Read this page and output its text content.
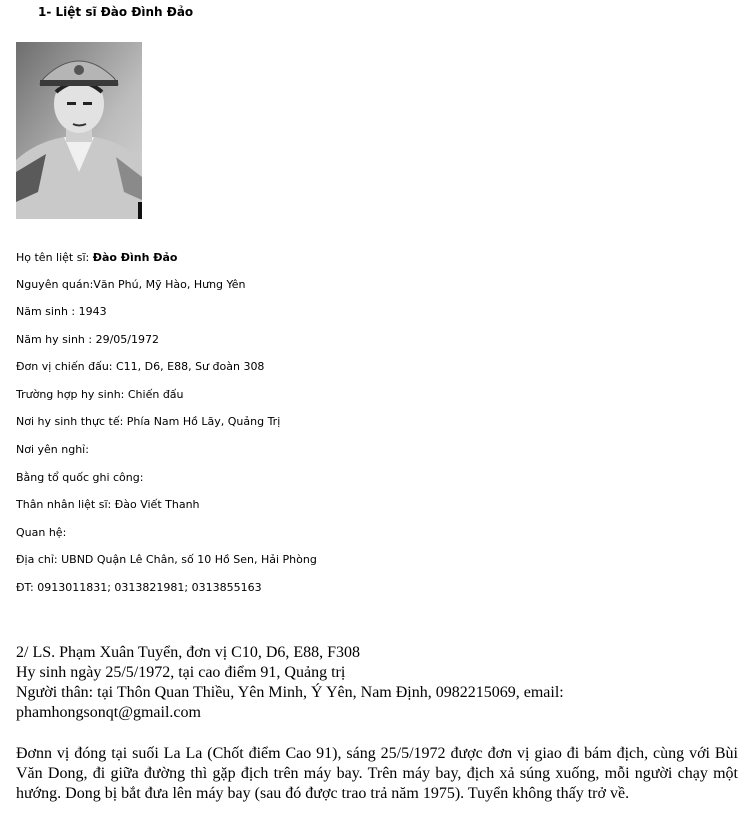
1- Liệt sĩ Đào Đình Đảo
Họ tên liệt sĩ: Đào Đình Đảo
Nguyên quán:Văn Phú, Mỹ Hào, Hưng Yên
Năm sinh : 1943
Năm hy sinh : 29/05/1972
Đơn vị chiến đấu: C11, D6, E88, Sư đoàn 308
Trường hợp hy sinh: Chiến đấu
Nơi hy sinh thực tế: Phía Nam Hồ Lãy, Quảng Trị
Nơi yên nghỉ:
Bằng tổ quốc ghi công:
Thân nhân liệt sĩ: Đào Viết Thanh
Quan hệ:
Địa chỉ: UBND Quận Lê Chân, số 10 Hồ Sen, Hải Phòng
ĐT: 0913011831; 0313821981; 0313855163
2/ LS. Phạm Xuân Tuyển, đơn vị C10, D6, E88, F308
Hy sinh ngày 25/5/1972, tại cao điểm 91, Quảng trị
Người thân: tại Thôn Quan Thiều, Yên Minh, Ý Yên, Nam Định, 0982215069, email:
phamhongsonqt@gmail.com
Đơnn vị đóng tại suối La La (Chốt điểm Cao 91), sáng 25/5/1972 được đơn vị giao đi bám địch, cùng với Bùi Văn Dong, đi giữa đường thì gặp địch trên máy bay. Trên máy bay, địch xả súng xuống, mỗi người chạy một hướng. Dong bị bắt đưa lên máy bay (sau đó được trao trả năm 1975). Tuyển không thấy trở về.
